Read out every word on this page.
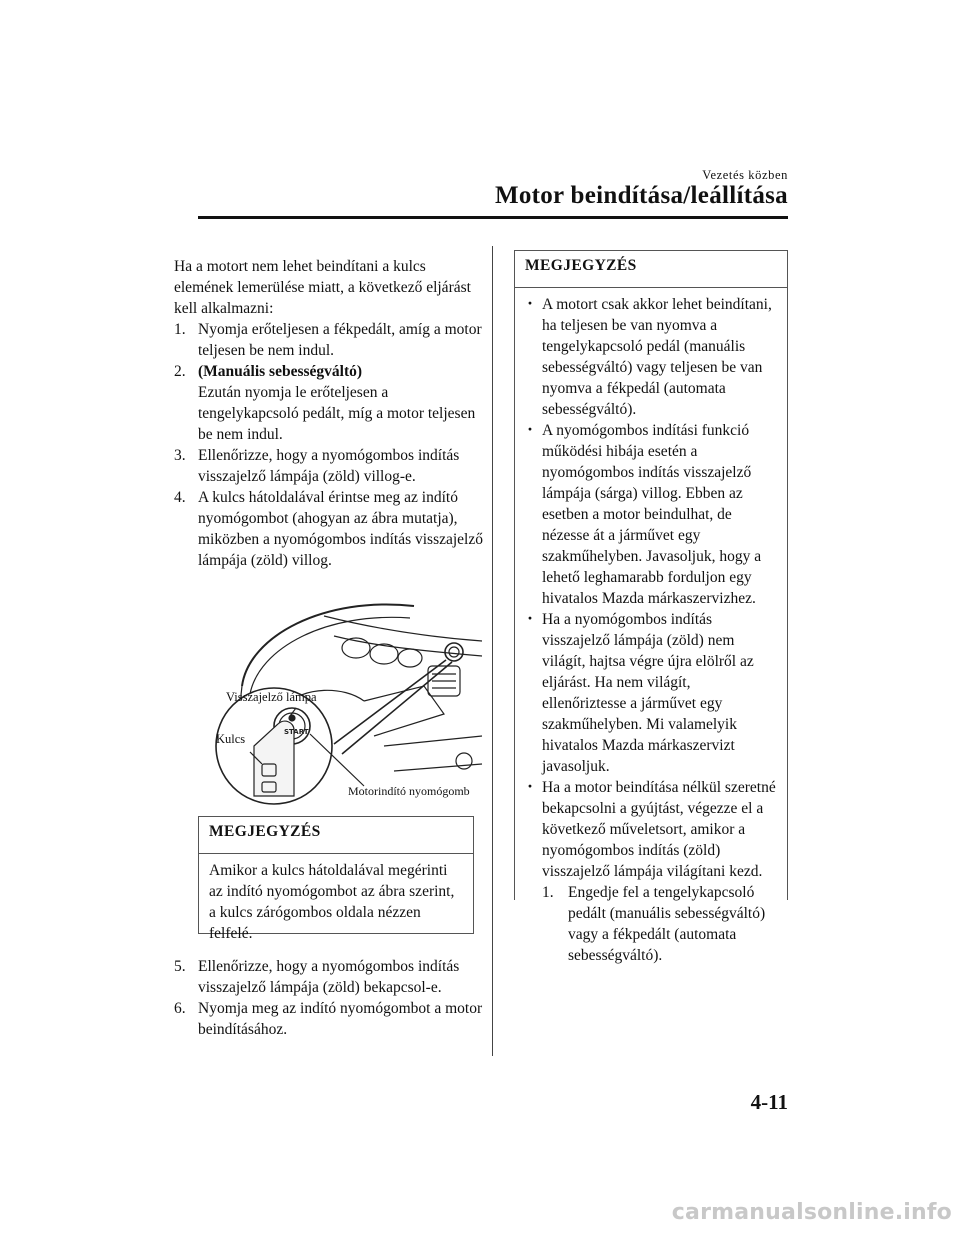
Vezetés közben
Motor beindítása/leállítása
Ha a motort nem lehet beindítani a kulcs elemének lemerülése miatt, a következő eljárást kell alkalmazni:
1. Nyomja erőteljesen a fékpedált, amíg a motor teljesen be nem indul.
2. (Manuális sebességváltó)
Ezután nyomja le erőteljesen a tengelykapcsoló pedált, míg a motor teljesen be nem indul.
3. Ellenőrizze, hogy a nyomógombos indítás visszajelző lámpája (zöld) villog-e.
4. A kulcs hátoldalával érintse meg az indító nyomógombot (ahogyan az ábra mutatja), miközben a nyomógombos indítás visszajelző lámpája (zöld) villog.
START
Visszajelző lámpa
Kulcs
Motorindító nyomógomb
MEGJEGYZÉS
Amikor a kulcs hátoldalával megérinti az indító nyomógombot az ábra szerint, a kulcs zárógombos oldala nézzen felfelé.
5. Ellenőrizze, hogy a nyomógombos indítás visszajelző lámpája (zöld) bekapcsol-e.
6. Nyomja meg az indító nyomógombot a motor beindításához.
MEGJEGYZÉS
· A motort csak akkor lehet beindítani, ha teljesen be van nyomva a tengelykapcsoló pedál (manuális sebességváltó) vagy teljesen be van nyomva a fékpedál (automata sebességváltó).
· A nyomógombos indítási funkció működési hibája esetén a nyomógombos indítás visszajelző lámpája (sárga) villog. Ebben az esetben a motor beindulhat, de nézesse át a járművet egy szakműhelyben. Javasoljuk, hogy a lehető leghamarabb forduljon egy hivatalos Mazda márkaszervizhez.
· Ha a nyomógombos indítás visszajelző lámpája (zöld) nem világít, hajtsa végre újra elölről az eljárást. Ha nem világít, ellenőriztesse a járművet egy szakműhelyben. Mi valamelyik hivatalos Mazda márkaszervizt javasoljuk.
· Ha a motor beindítása nélkül szeretné bekapcsolni a gyújtást, végezze el a következő műveletsort, amikor a nyomógombos indítás (zöld) visszajelző lámpája világítani kezd.
1. Engedje fel a tengelykapcsoló pedált (manuális sebességváltó) vagy a fékpedált (automata sebességváltó).
4-11
carmanualsonline.info
